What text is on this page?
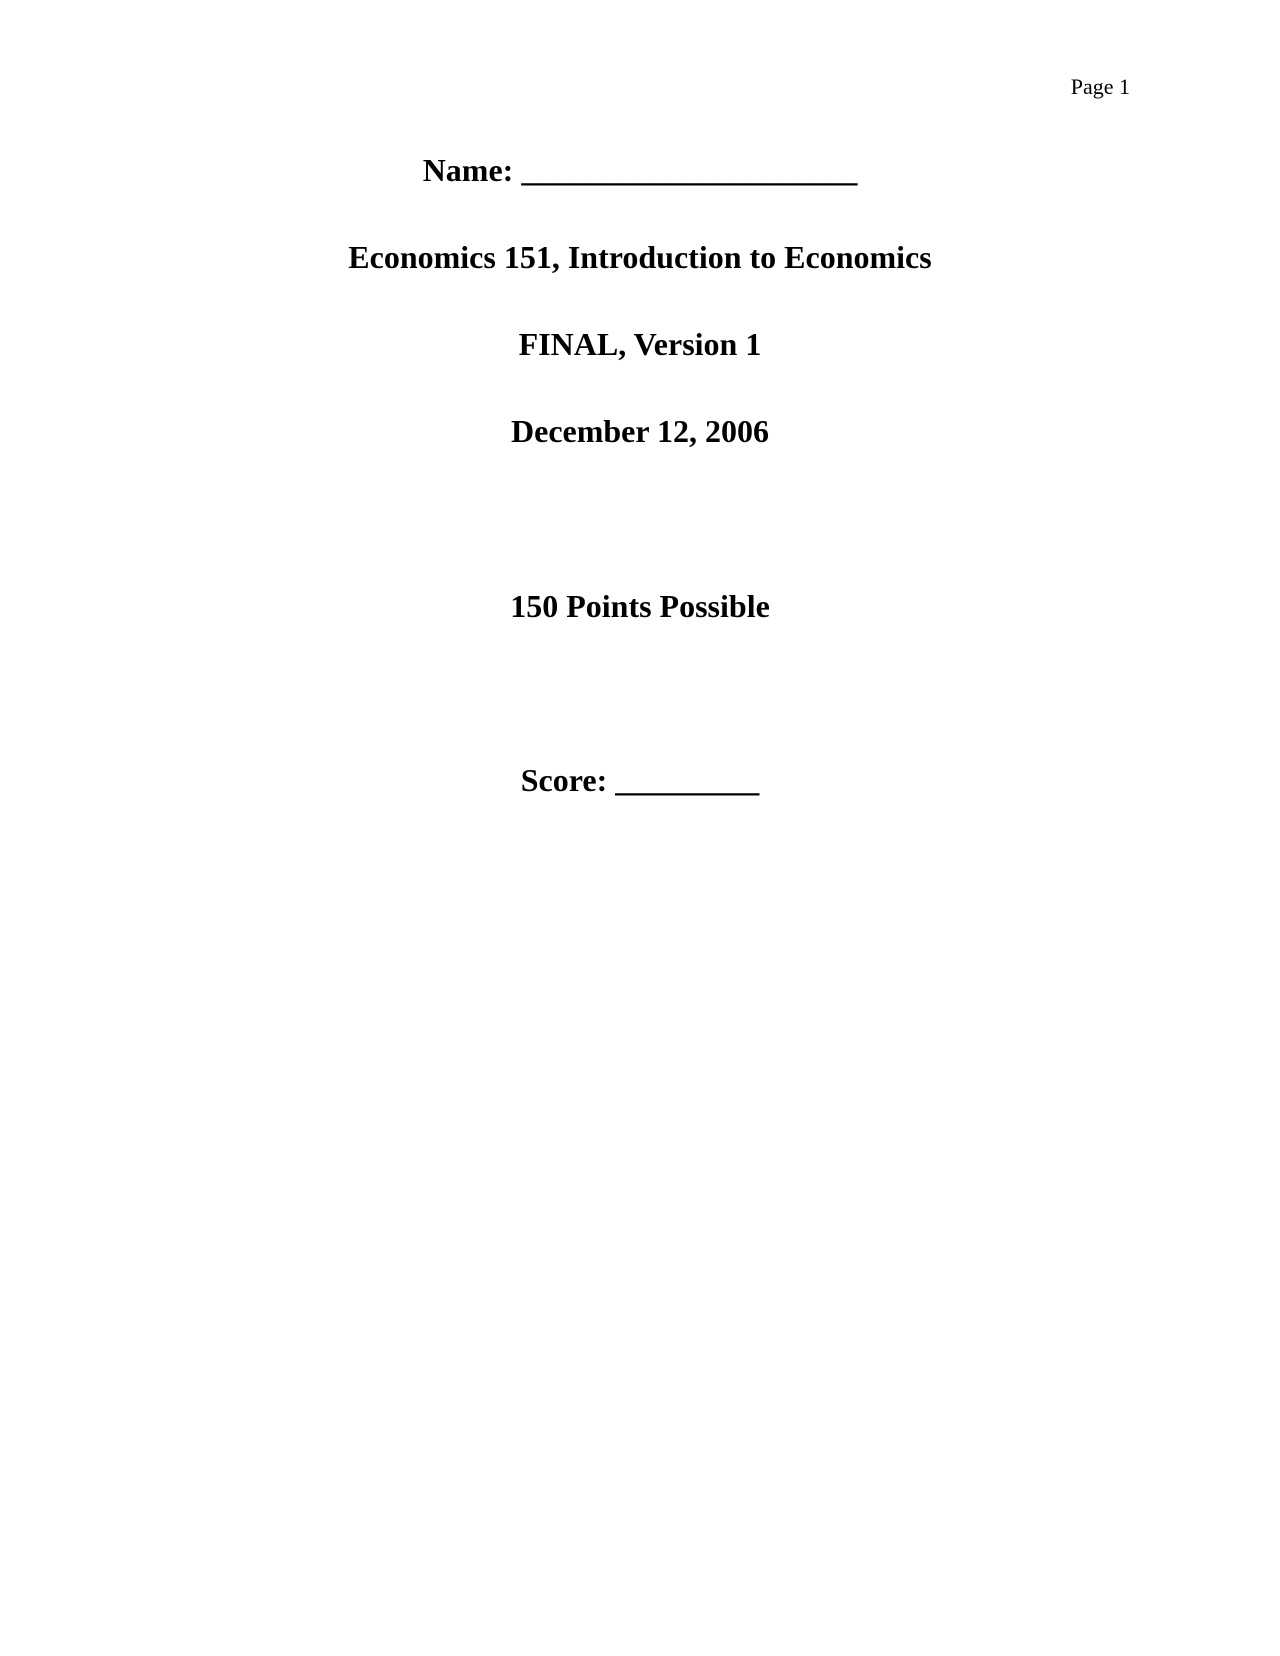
Page 1
Name: _____________________
Economics 151, Introduction to Economics
FINAL, Version 1
December 12, 2006
150 Points Possible
Score: _________
